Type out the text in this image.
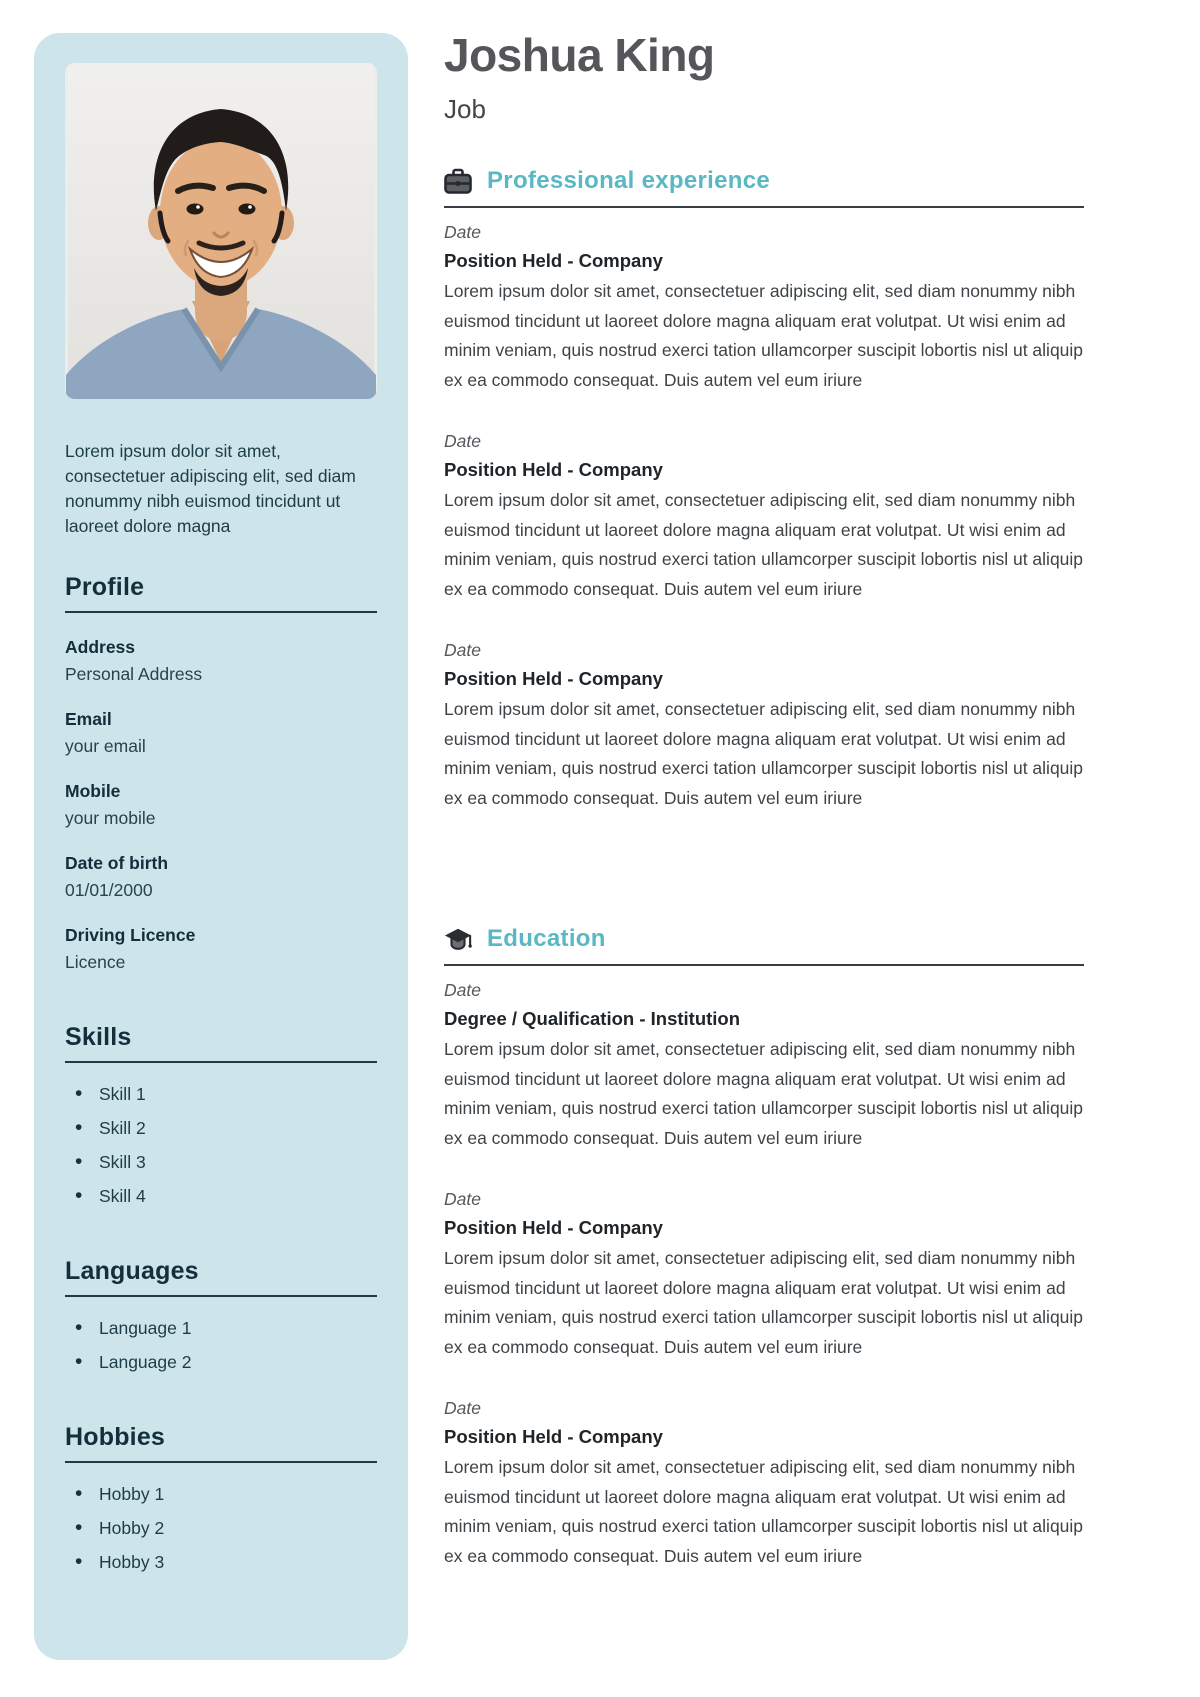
Lorem ipsum dolor sit amet, consectetuer adipiscing elit, sed diam nonummy nibh euismod tincidunt ut laoreet dolore magna

Profile
Address
Personal Address
Email
your email
Mobile
your mobile
Date of birth
01/01/2000
Driving Licence
Licence
Skills
• Skill 1
• Skill 2
• Skill 3
• Skill 4
Languages
• Language 1
• Language 2
Hobbies
• Hobby 1
• Hobby 2
• Hobby 3
Joshua King
Job
Professional experience
Date
Position Held - Company
Lorem ipsum dolor sit amet, consectetuer adipiscing elit, sed diam nonummy nibh euismod tincidunt ut laoreet dolore magna aliquam erat volutpat. Ut wisi enim ad minim veniam, quis nostrud exerci tation ullamcorper suscipit lobortis nisl ut aliquip ex ea commodo consequat. Duis autem vel eum iriure
Date
Position Held - Company
Lorem ipsum dolor sit amet, consectetuer adipiscing elit, sed diam nonummy nibh euismod tincidunt ut laoreet dolore magna aliquam erat volutpat. Ut wisi enim ad minim veniam, quis nostrud exerci tation ullamcorper suscipit lobortis nisl ut aliquip ex ea commodo consequat. Duis autem vel eum iriure
Date
Position Held - Company
Lorem ipsum dolor sit amet, consectetuer adipiscing elit, sed diam nonummy nibh euismod tincidunt ut laoreet dolore magna aliquam erat volutpat. Ut wisi enim ad minim veniam, quis nostrud exerci tation ullamcorper suscipit lobortis nisl ut aliquip ex ea commodo consequat. Duis autem vel eum iriure
Education
Date
Degree / Qualification - Institution
Lorem ipsum dolor sit amet, consectetuer adipiscing elit, sed diam nonummy nibh euismod tincidunt ut laoreet dolore magna aliquam erat volutpat. Ut wisi enim ad minim veniam, quis nostrud exerci tation ullamcorper suscipit lobortis nisl ut aliquip ex ea commodo consequat. Duis autem vel eum iriure
Date
Position Held - Company
Lorem ipsum dolor sit amet, consectetuer adipiscing elit, sed diam nonummy nibh euismod tincidunt ut laoreet dolore magna aliquam erat volutpat. Ut wisi enim ad minim veniam, quis nostrud exerci tation ullamcorper suscipit lobortis nisl ut aliquip ex ea commodo consequat. Duis autem vel eum iriure
Date
Position Held - Company
Lorem ipsum dolor sit amet, consectetuer adipiscing elit, sed diam nonummy nibh euismod tincidunt ut laoreet dolore magna aliquam erat volutpat. Ut wisi enim ad minim veniam, quis nostrud exerci tation ullamcorper suscipit lobortis nisl ut aliquip ex ea commodo consequat. Duis autem vel eum iriure
